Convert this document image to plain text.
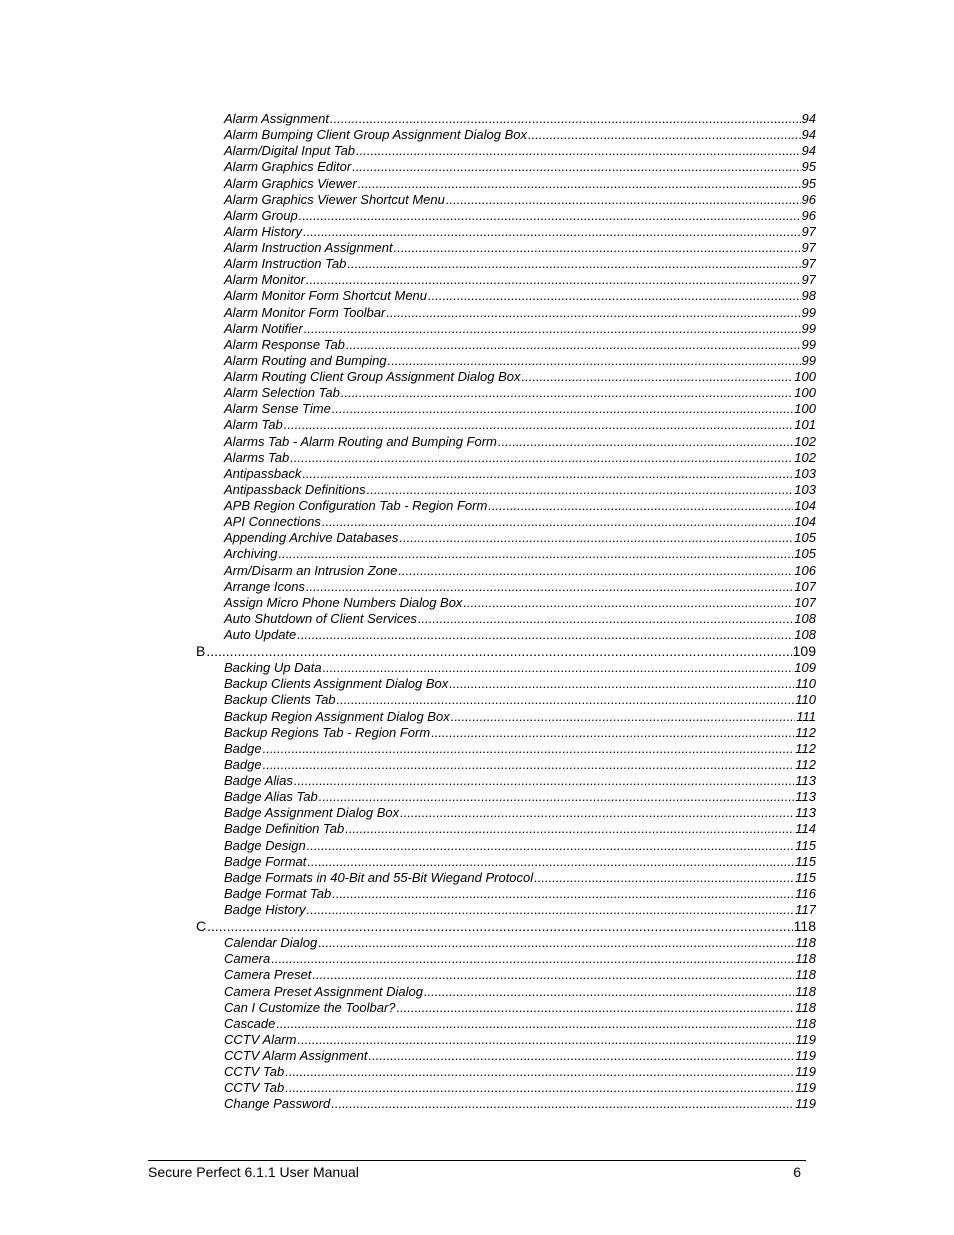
Alarm Assignment .....	94
Alarm Bumping Client Group Assignment Dialog Box .....	94
Alarm/Digital Input Tab .....	94
Alarm Graphics Editor .....	95
Alarm Graphics Viewer .....	95
Alarm Graphics Viewer Shortcut Menu .....	96
Alarm Group .....	96
Alarm History .....	97
Alarm Instruction Assignment .....	97
Alarm Instruction Tab .....	97
Alarm Monitor .....	97
Alarm Monitor Form Shortcut Menu .....	98
Alarm Monitor Form Toolbar .....	99
Alarm Notifier .....	99
Alarm Response Tab .....	99
Alarm Routing and Bumping .....	99
Alarm Routing Client Group Assignment Dialog Box .....	100
Alarm Selection Tab .....	100
Alarm Sense Time .....	100
Alarm Tab .....	101
Alarms Tab - Alarm Routing and Bumping Form .....	102
Alarms Tab .....	102
Antipassback .....	103
Antipassback Definitions .....	103
APB Region Configuration Tab - Region Form .....	104
API Connections .....	104
Appending Archive Databases .....	105
Archiving .....	105
Arm/Disarm an Intrusion Zone .....	106
Arrange Icons .....	107
Assign Micro Phone Numbers Dialog Box .....	107
Auto Shutdown of Client Services .....	108
Auto Update .....	108
B .....	109
Backing Up Data .....	109
Backup Clients Assignment Dialog Box .....	110
Backup Clients Tab .....	110
Backup Region Assignment Dialog Box .....	111
Backup Regions Tab - Region Form .....	112
Badge .....	112
Badge .....	112
Badge Alias .....	113
Badge Alias Tab .....	113
Badge Assignment Dialog Box .....	113
Badge Definition Tab .....	114
Badge Design .....	115
Badge Format .....	115
Badge Formats in 40-Bit and 55-Bit Wiegand Protocol .....	115
Badge Format Tab .....	116
Badge History .....	117
C .....	118
Calendar Dialog .....	118
Camera .....	118
Camera Preset .....	118
Camera Preset Assignment Dialog .....	118
Can I Customize the Toolbar? .....	118
Cascade .....	118
CCTV Alarm .....	119
CCTV Alarm Assignment .....	119
CCTV Tab .....	119
CCTV Tab .....	119
Change Password .....	119
Secure Perfect 6.1.1 User Manual	6
